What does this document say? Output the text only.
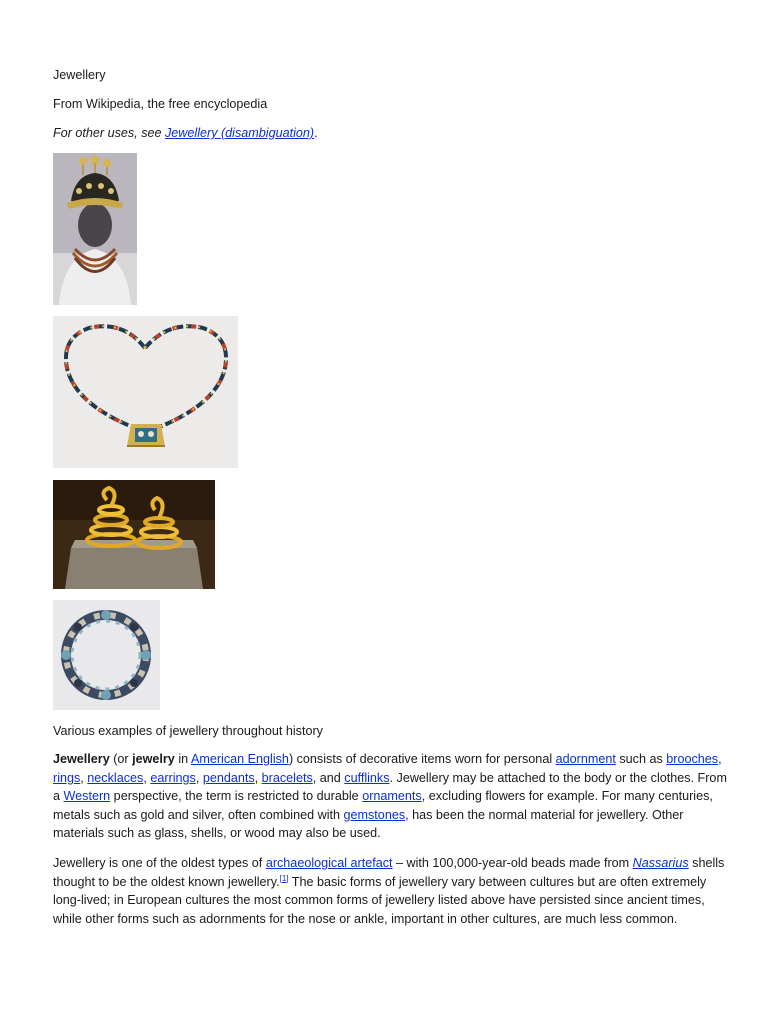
Jewellery
From Wikipedia, the free encyclopedia
For other uses, see Jewellery (disambiguation).
Various examples of jewellery throughout history

Jewellery (or jewelry in American English) consists of decorative items worn for personal adornment such as brooches, rings, necklaces, earrings, pendants, bracelets, and cufflinks. Jewellery may be attached to the body or the clothes. From a Western perspective, the term is restricted to durable ornaments, excluding flowers for example. For many centuries, metals such as gold and silver, often combined with gemstones, has been the normal material for jewellery. Other materials such as glass, shells, or wood may also be used.

Jewellery is one of the oldest types of archaeological artefact – with 100,000-year-old beads made from Nassarius shells thought to be the oldest known jewellery.[1] The basic forms of jewellery vary between cultures but are often extremely long-lived; in European cultures the most common forms of jewellery listed above have persisted since ancient times, while other forms such as adornments for the nose or ankle, important in other cultures, are much less common.
